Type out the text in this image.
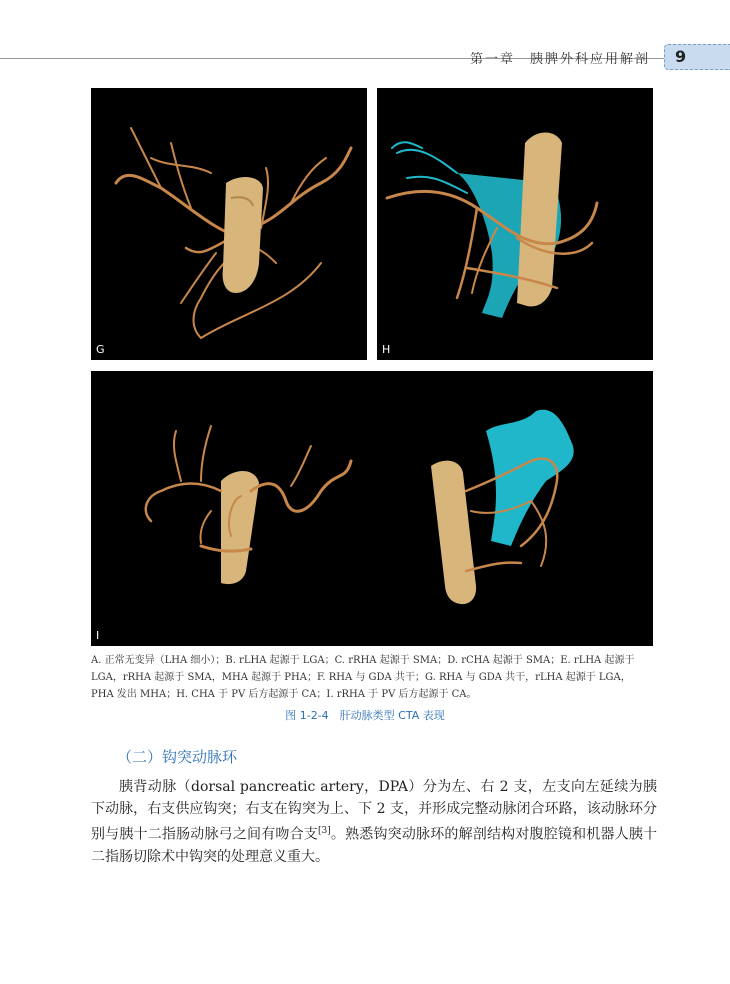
第一章　胰脾外科应用解剖 9
G	H
I
A. 正常无变异（LHA 细小）；B. rLHA 起源于 LGA；C. rRHA 起源于 SMA；D. rCHA 起源于 SMA；E. rLHA 起源于 LGA，rRHA 起源于 SMA，MHA 起源于 PHA；F. RHA 与 GDA 共干；G. RHA 与 GDA 共干，rLHA 起源于 LGA，PHA 发出 MHA；H. CHA 于 PV 后方起源于 CA；I. rRHA 于 PV 后方起源于 CA。
图 1-2-4　肝动脉类型 CTA 表现
（二）钩突动脉环
胰背动脉（dorsal pancreatic artery，DPA）分为左、右 2 支，左支向左延续为胰下动脉，右支供应钩突；右支在钩突为上、下 2 支，并形成完整动脉闭合环路，该动脉环分别与胰十二指肠动脉弓之间有吻合支[3]。熟悉钩突动脉环的解剖结构对腹腔镜和机器人胰十二指肠切除术中钩突的处理意义重大。
